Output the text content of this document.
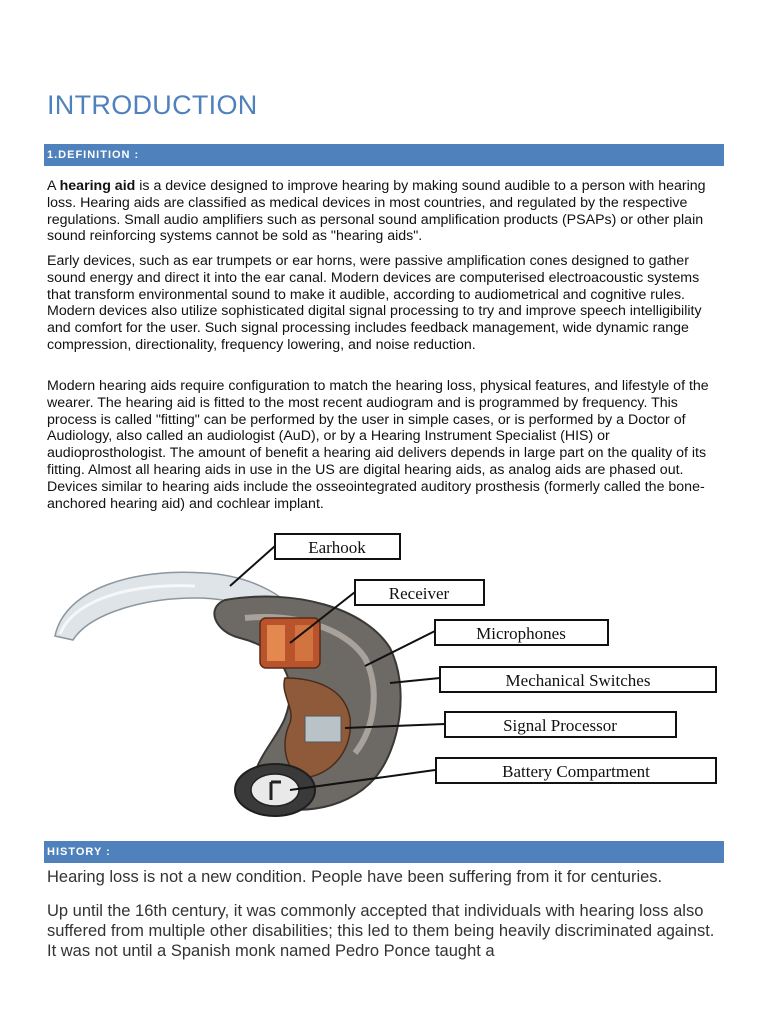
INTRODUCTION
1.DEFINITION :

A hearing aid is a device designed to improve hearing by making sound audible to a person with hearing loss. Hearing aids are classified as medical devices in most countries, and regulated by the respective regulations. Small audio amplifiers such as personal sound amplification products (PSAPs) or other plain sound reinforcing systems cannot be sold as "hearing aids".

Early devices, such as ear trumpets or ear horns, were passive amplification cones designed to gather sound energy and direct it into the ear canal. Modern devices are computerised electroacoustic systems that transform environmental sound to make it audible, according to audiometrical and cognitive rules. Modern devices also utilize sophisticated digital signal processing to try and improve speech intelligibility and comfort for the user. Such signal processing includes feedback management, wide dynamic range compression, directionality, frequency lowering, and noise reduction.

Modern hearing aids require configuration to match the hearing loss, physical features, and lifestyle of the wearer. The hearing aid is fitted to the most recent audiogram and is programmed by frequency. This process is called "fitting" can be performed by the user in simple cases, or is performed by a Doctor of Audiology, also called an audiologist (AuD), or by a Hearing Instrument Specialist (HIS) or audioprosthologist. The amount of benefit a hearing aid delivers depends in large part on the quality of its fitting. Almost all hearing aids in use in the US are digital hearing aids, as analog aids are phased out. Devices similar to hearing aids include the osseointegrated auditory prosthesis (formerly called the bone-anchored hearing aid) and cochlear implant.

Earhook
Receiver
Microphones
Mechanical Switches
Signal Processor
Battery Compartment
HISTORY :

Hearing loss is not a new condition. People have been suffering from it for centuries.

Up until the 16th century, it was commonly accepted that individuals with hearing loss also suffered from multiple other disabilities; this led to them being heavily discriminated against. It was not until a Spanish monk named Pedro Ponce taught a
